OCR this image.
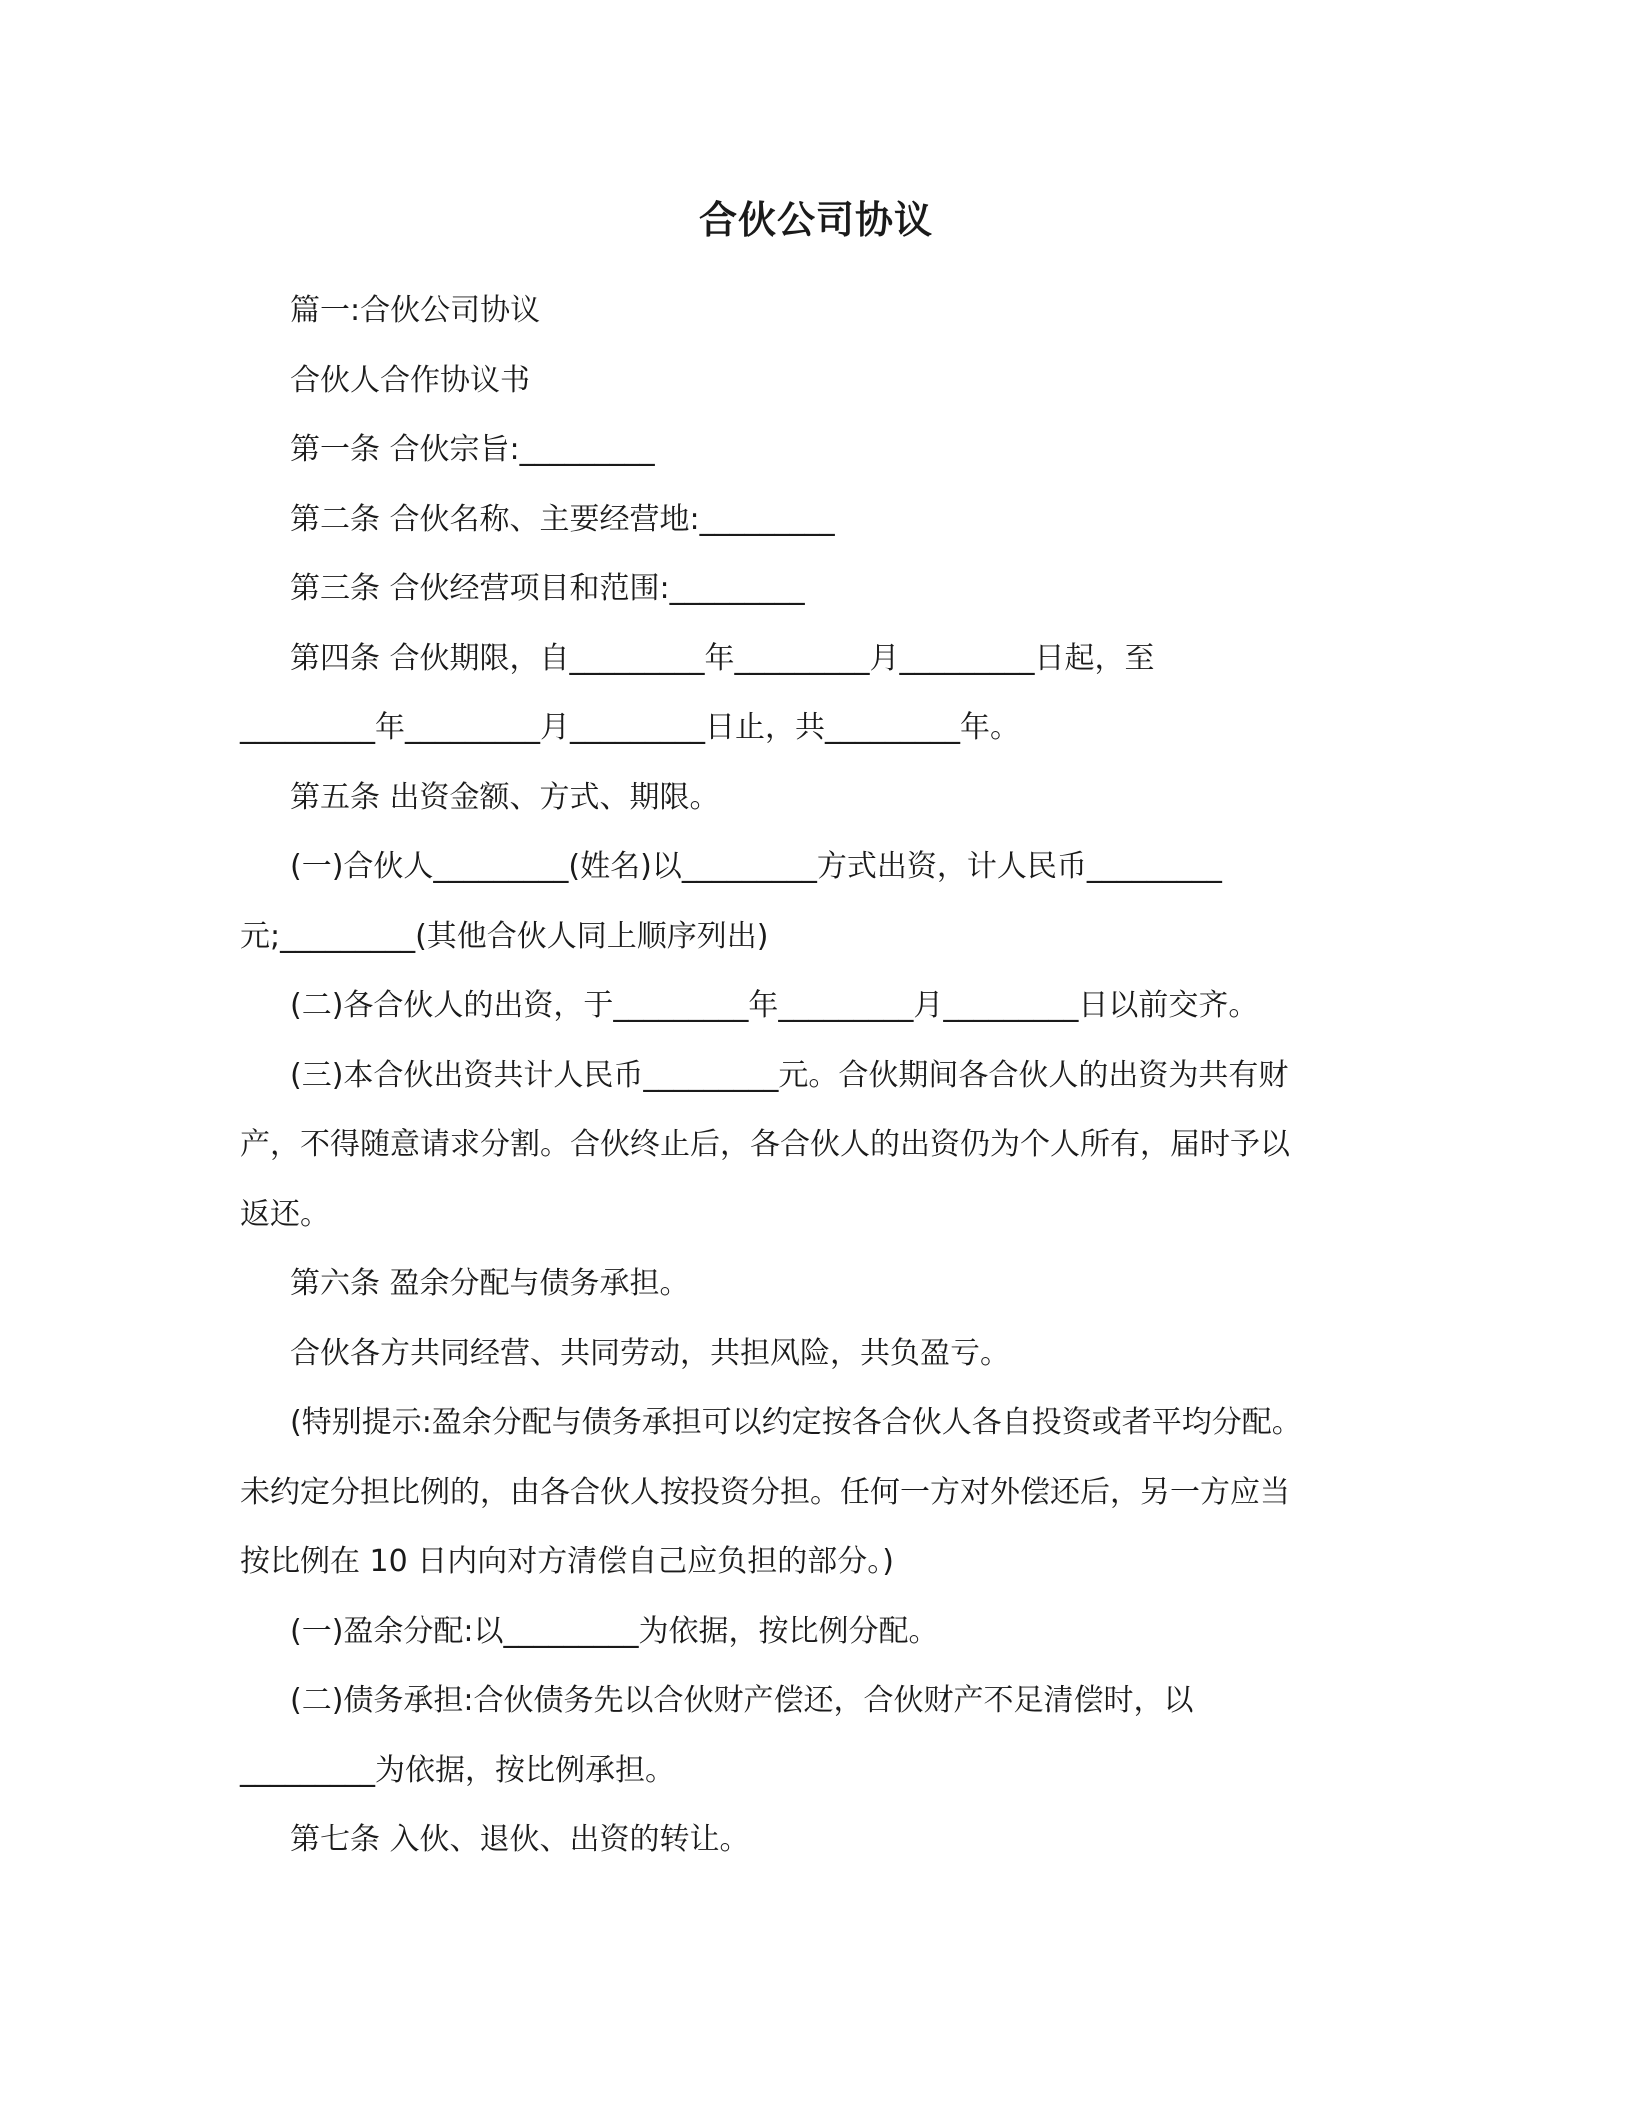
合伙公司协议

篇一:合伙公司协议

合伙人合作协议书

第一条 合伙宗旨:_________

第二条 合伙名称、主要经营地:_________

第三条 合伙经营项目和范围:_________

第四条 合伙期限，自_________年_________月_________日起，至

_________年_________月_________日止，共_________年。

第五条 出资金额、方式、期限。

(一)合伙人_________(姓名)以_________方式出资，计人民币_________

元;_________(其他合伙人同上顺序列出)

(二)各合伙人的出资，于_________年_________月_________日以前交齐。

(三)本合伙出资共计人民币_________元。合伙期间各合伙人的出资为共有财

产，不得随意请求分割。合伙终止后，各合伙人的出资仍为个人所有，届时予以

返还。

第六条 盈余分配与债务承担。

合伙各方共同经营、共同劳动，共担风险，共负盈亏。

(特别提示:盈余分配与债务承担可以约定按各合伙人各自投资或者平均分配。

未约定分担比例的，由各合伙人按投资分担。任何一方对外偿还后，另一方应当

按比例在 10 日内向对方清偿自己应负担的部分。)

(一)盈余分配:以_________为依据，按比例分配。

(二)债务承担:合伙债务先以合伙财产偿还，合伙财产不足清偿时，以

_________为依据，按比例承担。

第七条 入伙、退伙、出资的转让。
